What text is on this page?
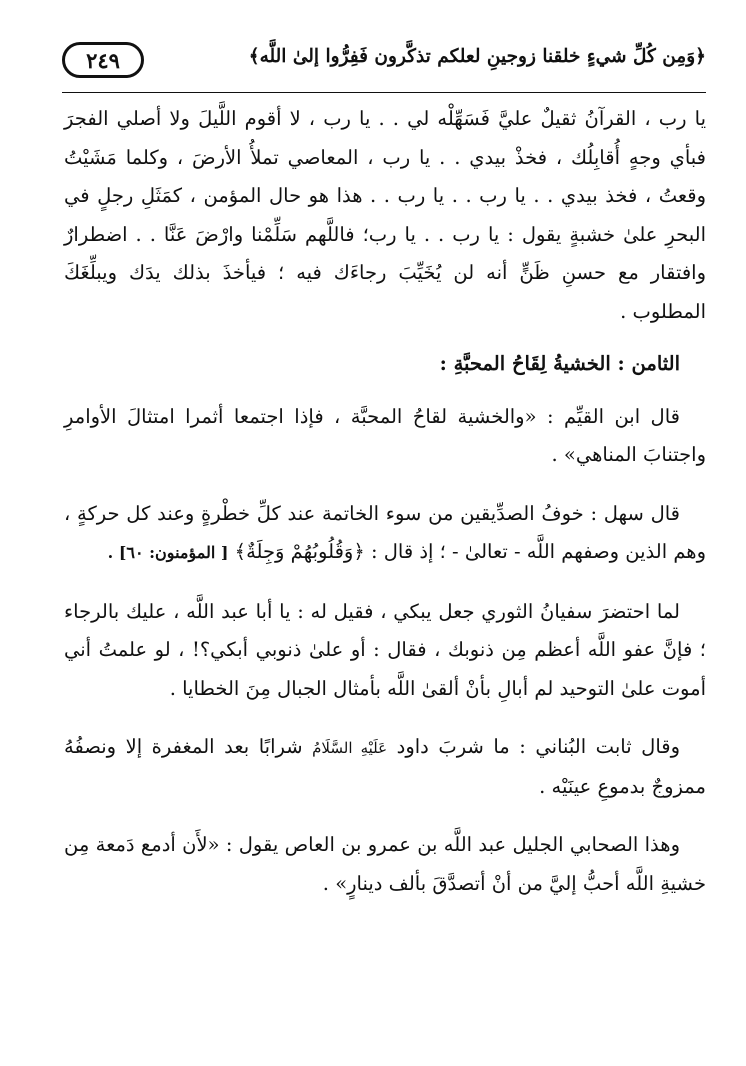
٢٤٩	﴿وَمِن كُلِّ شيءٍ خلقنا زوجينِ لعلكم تذكَّرون فَفِرُّوا إلىٰ اللَّه﴾

يا رب ، القرآنُ ثقيلٌ عليَّ فَسَهِّلْه لي . . يا رب ، لا أقوم اللَّيلَ ولا أصلي الفجرَ فبأي وجهٍ أُقابِلُك ، فخذْ بيدي . . يا رب ، المعاصي تملأُ الأرضَ ، وكلما مَشَيْتُ وقعتُ ، فخذ بيدي . . يا رب . . يا رب . . هذا هو حال المؤمن ، كمَثَلِ رجلٍ في البحرِ علىٰ خشبةٍ يقول : يا رب . . يا رب؛ فاللَّهم سَلِّمْنا وارْضَ عَنَّا . . اضطرارٌ وافتقار مع حسنِ ظَنٍّ أنه لن يُخَيِّبَ رجاءَك فيه ؛ فيأخذَ بذلك يدَك ويبلِّغَكَ المطلوب .

الثامن : الخشيةُ لِقَاحُ المحبَّةِ :

قال ابن القيِّم : «والخشية لقاحُ المحبَّة ، فإذا اجتمعا أثمرا امتثالَ الأوامرِ واجتنابَ المناهي» .

قال سهل : خوفُ الصدِّيقين من سوء الخاتمة عند كلِّ خطْرةٍ وعند كل حركةٍ ، وهم الذين وصفهم اللَّه - تعالىٰ - ؛ إذ قال : ﴿وَقُلُوبُهُمْ وَجِلَةٌ﴾ [ المؤمنون: ٦٠] .

لما احتضرَ سفيانُ الثوري جعل يبكي ، فقيل له : يا أبا عبد اللَّه ، عليك بالرجاء ؛ فإنَّ عفو اللَّه أعظم مِن ذنوبك ، فقال : أو علىٰ ذنوبي أبكي؟! ، لو علمتُ أني أموت علىٰ التوحيد لم أبالِ بأنْ ألقىٰ اللَّه بأمثال الجبال مِنَ الخطايا .

وقال ثابت البُناني : ما شربَ داود عَلَيْهِ السَّلَامُ شرابًا بعد المغفرة إلا ونصفُهُ ممزوجٌ بدموعِ عينَيْه .

وهذا الصحابي الجليل عبد اللَّه بن عمرو بن العاص يقول : «لأَن أدمع دَمعة مِن خشيةِ اللَّه أحبُّ إليَّ من أنْ أتصدَّقَ بألف دينارٍ» .
